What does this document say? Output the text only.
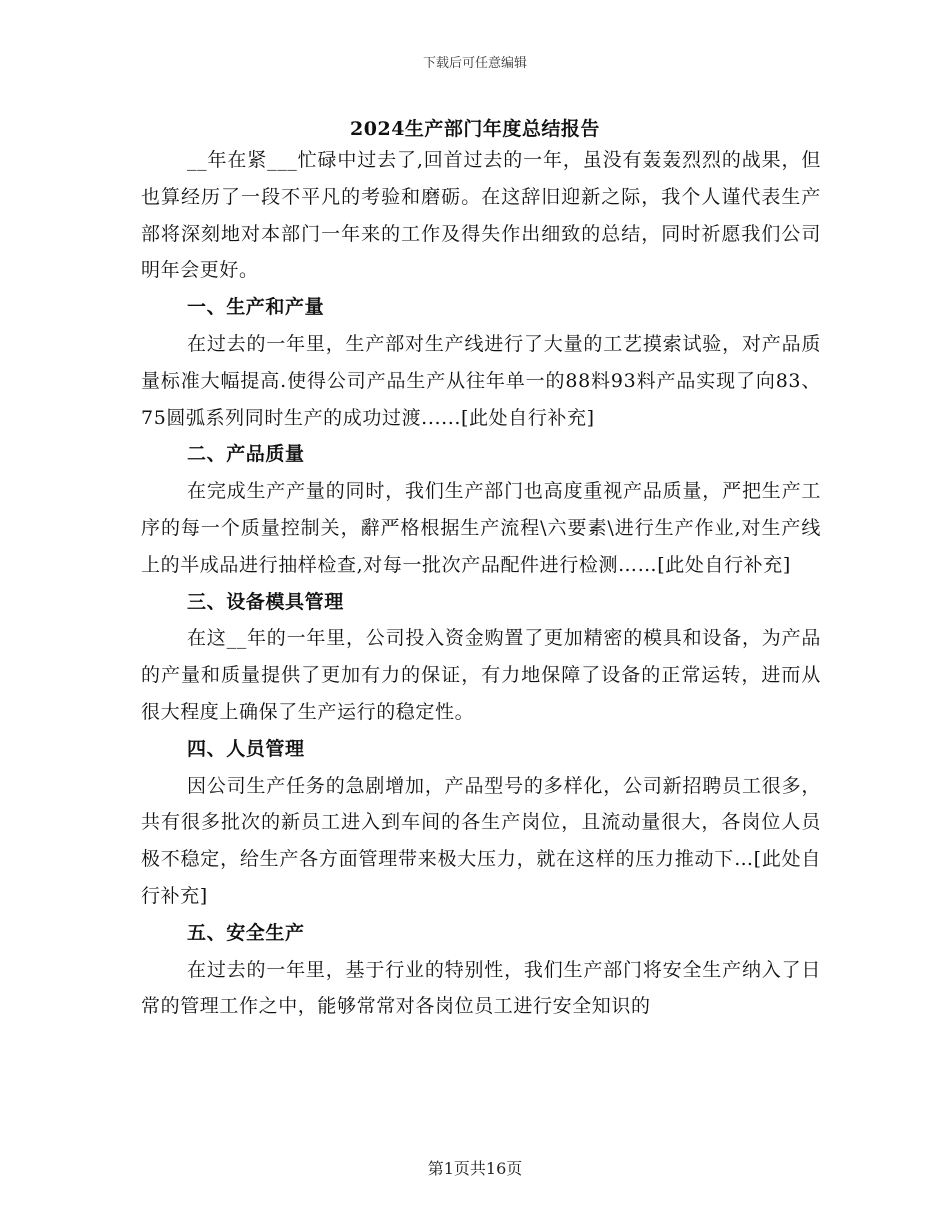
下载后可任意编辑
2024生产部门年度总结报告

__年在紧___忙碌中过去了,回首过去的一年，虽没有轰轰烈烈的战果，但也算经历了一段不平凡的考验和磨砺。在这辞旧迎新之际，我个人谨代表生产部将深刻地对本部门一年来的工作及得失作出细致的总结，同时祈愿我们公司明年会更好。

一、生产和产量

在过去的一年里，生产部对生产线进行了大量的工艺摸索试验，对产品质量标准大幅提高.使得公司产品生产从往年单一的88料93料产品实现了向83、75圆弧系列同时生产的成功过渡......[此处自行补充]

二、产品质量

在完成生产产量的同时，我们生产部门也高度重视产品质量，严把生产工序的每一个质量控制关，辭严格根据生产流程\六要素\进行生产作业,对生产线上的半成品进行抽样检查,对每一批次产品配件进行检测……[此处自行补充]

三、设备模具管理

在这__年的一年里，公司投入资金购置了更加精密的模具和设备，为产品的产量和质量提供了更加有力的保证，有力地保障了设备的正常运转，进而从很大程度上确保了生产运行的稳定性。

四、人员管理

因公司生产任务的急剧增加，产品型号的多样化，公司新招聘员工很多，共有很多批次的新员工进入到车间的各生产岗位，且流动量很大，各岗位人员极不稳定，给生产各方面管理带来极大压力，就在这样的压力推动下…[此处自行补充]

五、安全生产

在过去的一年里，基于行业的特别性，我们生产部门将安全生产纳入了日常的管理工作之中，能够常常对各岗位员工进行安全知识的

第1页共16页
